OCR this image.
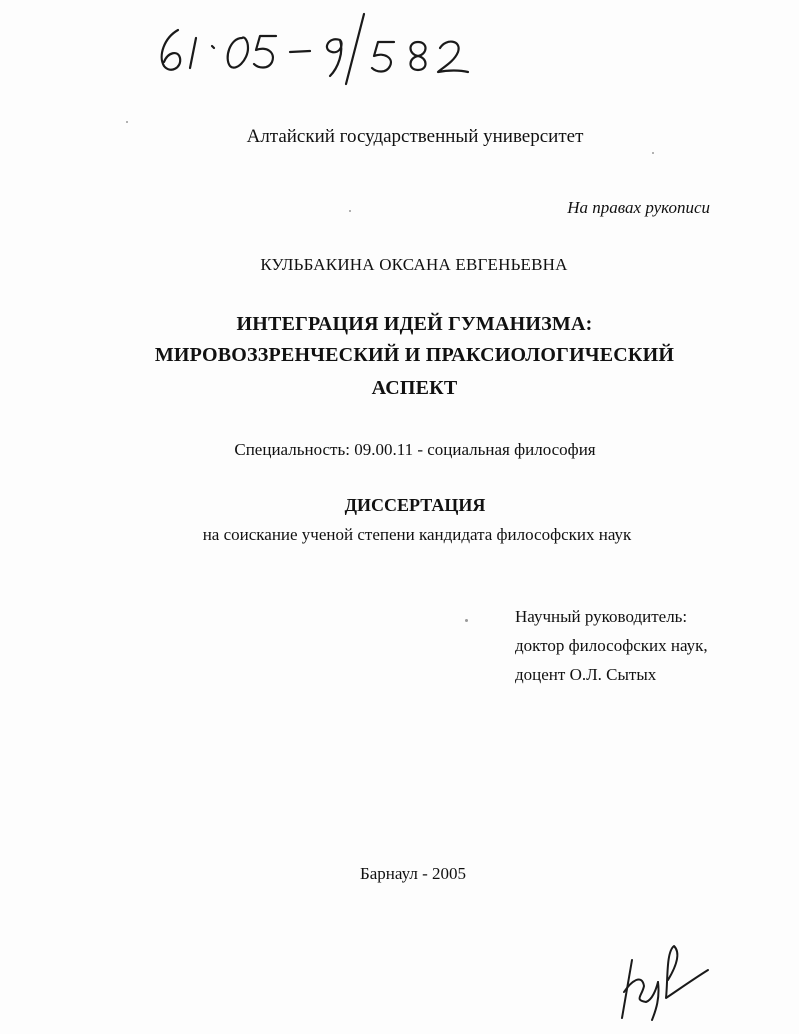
Алтайский государственный университет
На правах рукописи
КУЛЬБАКИНА ОКСАНА ЕВГЕНЬЕВНА
ИНТЕГРАЦИЯ ИДЕЙ ГУМАНИЗМА:
МИРОВОЗЗРЕНЧЕСКИЙ И ПРАКСИОЛОГИЧЕСКИЙ
АСПЕКТ
Специальность: 09.00.11 - социальная философия
ДИССЕРТАЦИЯ
на соискание ученой степени кандидата философских наук
Научный руководитель:
доктор философских наук,
доцент О.Л. Сытых
Барнаул - 2005
